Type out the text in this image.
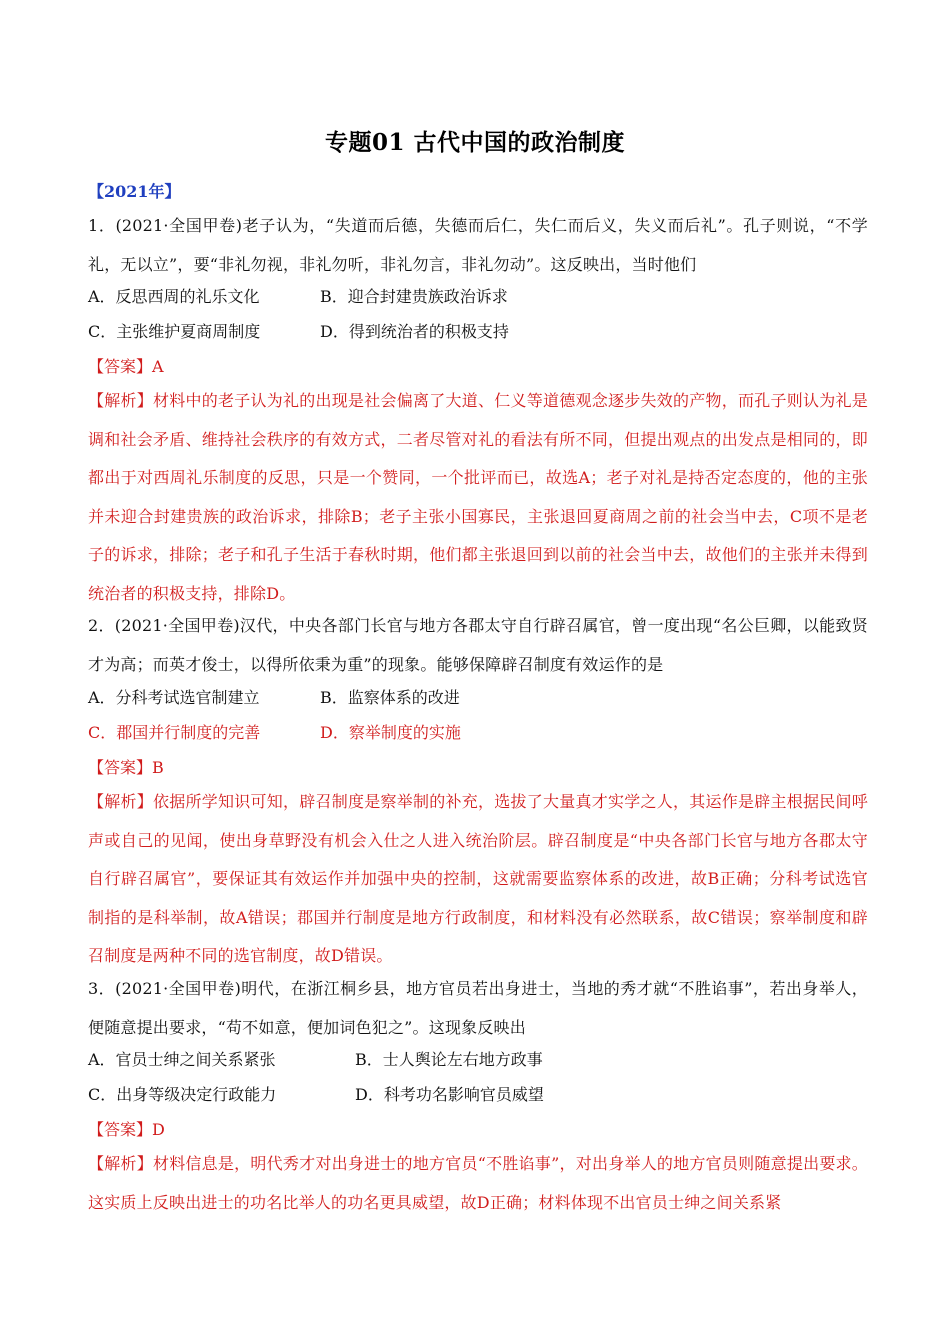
专题01 古代中国的政治制度
【2021年】
1．(2021·全国甲卷)老子认为，“失道而后德，失德而后仁，失仁而后义，失义而后礼”。孔子则说，“不学礼，无以立”，要“非礼勿视，非礼勿听，非礼勿言，非礼勿动”。这反映出，当时他们
A．反思西周的礼乐文化	B．迎合封建贵族政治诉求
C．主张维护夏商周制度	D．得到统治者的积极支持
【答案】A
【解析】材料中的老子认为礼的出现是社会偏离了大道、仁义等道德观念逐步失效的产物，而孔子则认为礼是调和社会矛盾、维持社会秩序的有效方式，二者尽管对礼的看法有所不同，但提出观点的出发点是相同的，即都出于对西周礼乐制度的反思，只是一个赞同，一个批评而已，故选A；老子对礼是持否定态度的，他的主张并未迎合封建贵族的政治诉求，排除B；老子主张小国寡民，主张退回夏商周之前的社会当中去，C项不是老子的诉求，排除；老子和孔子生活于春秋时期，他们都主张退回到以前的社会当中去，故他们的主张并未得到统治者的积极支持，排除D。
2．(2021·全国甲卷)汉代，中央各部门长官与地方各郡太守自行辟召属官，曾一度出现“名公巨卿，以能致贤才为高；而英才俊士，以得所依秉为重”的现象。能够保障辟召制度有效运作的是
A．分科考试选官制建立	B．监察体系的改进
C．郡国并行制度的完善	D．察举制度的实施
【答案】B
【解析】依据所学知识可知，辟召制度是察举制的补充，选拔了大量真才实学之人，其运作是辟主根据民间呼声或自己的见闻，使出身草野没有机会入仕之人进入统治阶层。辟召制度是“中央各部门长官与地方各郡太守自行辟召属官”，要保证其有效运作并加强中央的控制，这就需要监察体系的改进，故B正确；分科考试选官制指的是科举制，故A错误；郡国并行制度是地方行政制度，和材料没有必然联系，故C错误；察举制度和辟召制度是两种不同的选官制度，故D错误。
3．(2021·全国甲卷)明代，在浙江桐乡县，地方官员若出身进士，当地的秀才就“不胜谄事”，若出身举人，便随意提出要求，“苟不如意，便加词色犯之”。这现象反映出
A．官员士绅之间关系紧张	B．士人舆论左右地方政事
C．出身等级决定行政能力	D．科考功名影响官员威望
【答案】D
【解析】材料信息是，明代秀才对出身进士的地方官员“不胜谄事”，对出身举人的地方官员则随意提出要求。这实质上反映出进士的功名比举人的功名更具威望，故D正确；材料体现不出官员士绅之间关系紧
